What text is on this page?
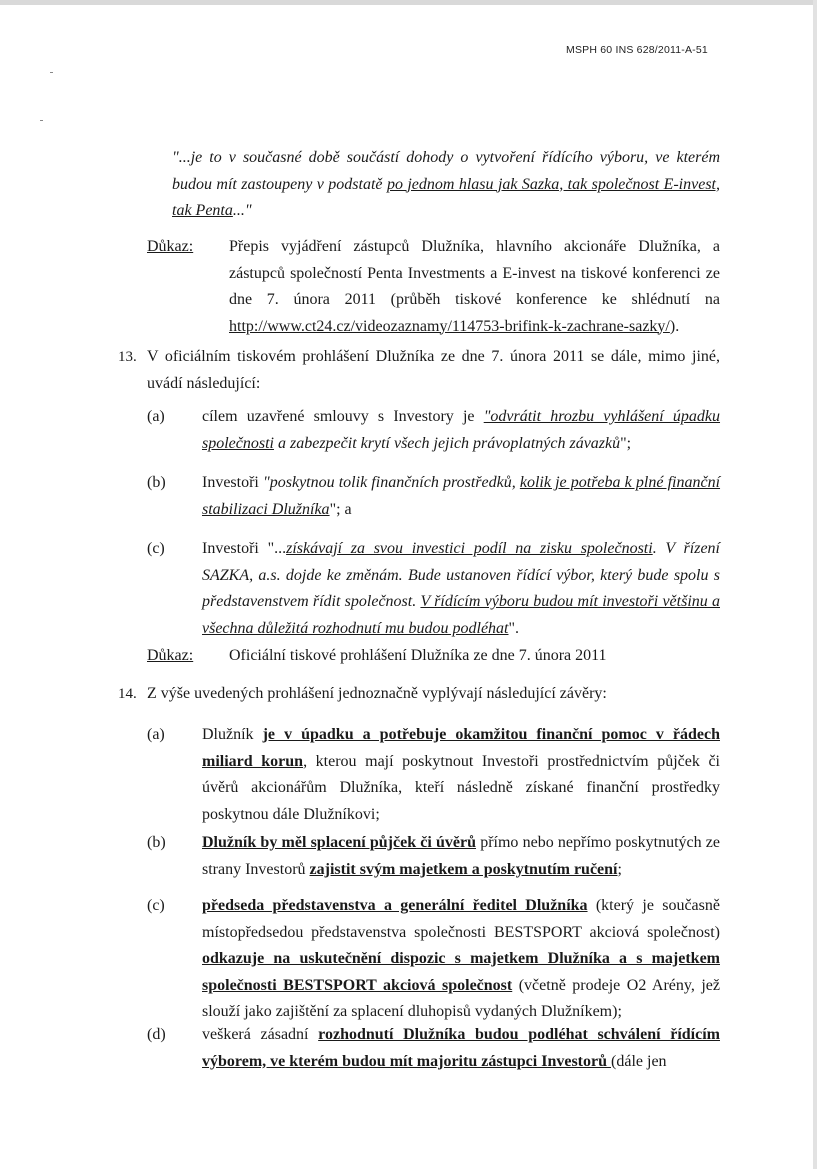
MSPH 60 INS 628/2011-A-51
"...je to v současné době součástí dohody o vytvoření řídícího výboru, ve kterém budou mít zastoupeny v podstatě po jednom hlasu jak Sazka, tak společnost E-invest, tak Penta..."
Důkaz: Přepis vyjádření zástupců Dlužníka, hlavního akcionáře Dlužníka, a zástupců společností Penta Investments a E-invest na tiskové konferenci ze dne 7. února 2011 (průběh tiskové konference ke shlédnutí na http://www.ct24.cz/videozaznamy/114753-brifink-k-zachrane-sazky/).
13. V oficiálním tiskovém prohlášení Dlužníka ze dne 7. února 2011 se dále, mimo jiné, uvádí následující:
(a) cílem uzavřené smlouvy s Investory je "odvrátit hrozbu vyhlášení úpadku společnosti a zabezpečit krytí všech jejich právoplatných závazků";
(b) Investoři "poskytnou tolik finančních prostředků, kolik je potřeba k plné finanční stabilizaci Dlužníka"; a
(c) Investoři "...získávají za svou investici podíl na zisku společnosti. V řízení SAZKA, a.s. dojde ke změnám. Bude ustanoven řídící výbor, který bude spolu s představenstvem řídit společnost. V řídícím výboru budou mít investoři většinu a všechna důležitá rozhodnutí mu budou podléhat".
Důkaz: Oficiální tiskové prohlášení Dlužníka ze dne 7. února 2011
14. Z výše uvedených prohlášení jednoznačně vyplývají následující závěry:
(a) Dlužník je v úpadku a potřebuje okamžitou finanční pomoc v řádech miliard korun, kterou mají poskytnout Investoři prostřednictvím půjček či úvěrů akcionářům Dlužníka, kteří následně získané finanční prostředky poskytnou dále Dlužníkovi;
(b) Dlužník by měl splacení půjček či úvěrů přímo nebo nepřímo poskytnutých ze strany Investorů zajistit svým majetkem a poskytnutím ručení;
(c) předseda představenstva a generální ředitel Dlužníka (který je současně místopředsedou představenstva společnosti BESTSPORT akciová společnost) odkazuje na uskutečnění dispozic s majetkem Dlužníka a s majetkem společnosti BESTSPORT akciová společnost (včetně prodeje O2 Arény, jež slouží jako zajištění za splacení dluhopisů vydaných Dlužníkem);
(d) veškerá zásadní rozhodnutí Dlužníka budou podléhat schválení řídícím výborem, ve kterém budou mít majoritu zástupci Investorů (dále jen
